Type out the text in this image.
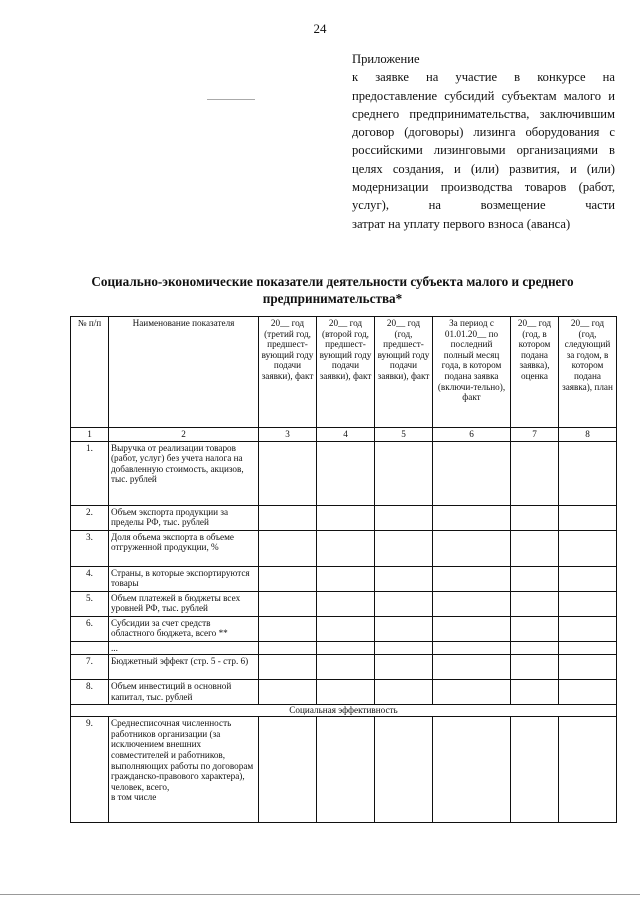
24

Приложение

к заявке на участие в конкурсе на предоставление субсидий субъектам малого и среднего предпринимательства, заключившим договор (договоры) лизинга оборудования с российскими лизинговыми организациями в целях создания, и (или) развития, и (или) модернизации производства товаров (работ, услуг), на возмещение части

затрат на уплату первого взноса (аванса)

Социально-экономические показатели деятельности субъекта малого и среднего предпринимательства*
№ п/п	Наименование показателя	20__ год (третий год, предшест-вующий году подачи заявки), факт	20__ год (второй год, предшест-вующий году подачи заявки), факт	20__ год (год, предшест-вующий году подачи заявки), факт	За период с 01.01.20__ по последний полный месяц года, в котором подана заявка (включи-тельно), факт	20__ год (год, в котором подана заявка), оценка	20__ год (год, следующий за годом, в котором подана заявка), план
1	2	3	4	5	6	7	8
1.	Выручка от реализации товаров (работ, услуг) без учета налога на добавленную стоимость, акцизов, тыс. рублей						
2.	Объем экспорта продукции за пределы РФ, тыс. рублей						
3.	Доля объема экспорта в объеме отгруженной продукции, %						
4.	Страны, в которые экспортируются товары						
5.	Объем платежей в бюджеты всех уровней РФ, тыс. рублей						
6.	Субсидии за счет средств областного бюджета, всего **						
	...						
7.	Бюджетный эффект (стр. 5 - стр. 6)						
8.	Объем инвестиций в основной капитал, тыс. рублей						
Социальная эффективность							
9.	Среднесписочная численность работников организации (за исключением внешних совместителей и работников, выполняющих работы по договорам гражданско-правового характера), человек, всего,
в том числе						
